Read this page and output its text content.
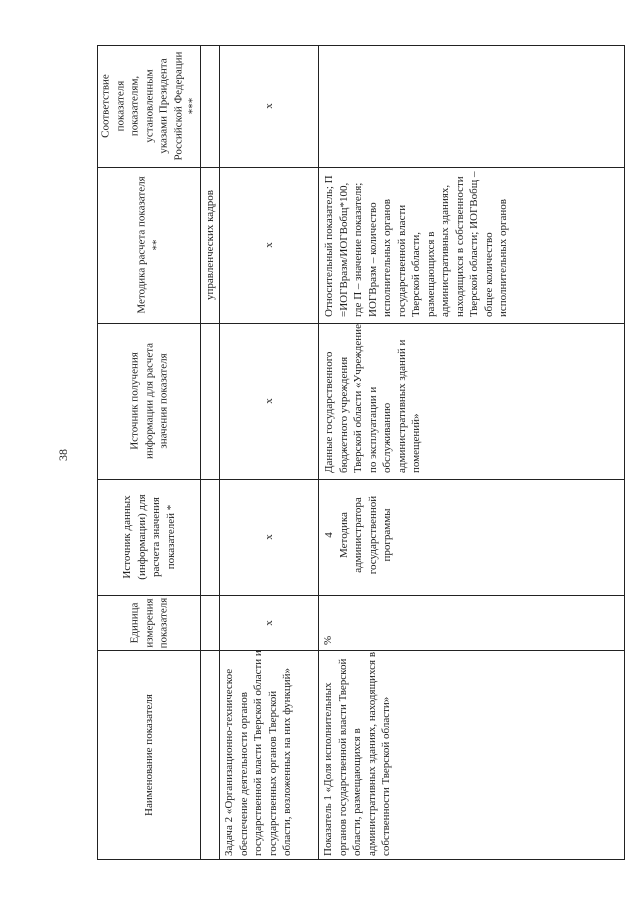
38
Соответствие показателя показателям, установленным указами Президента Российской Федерации ***
Методика расчета показателя **
Источник получения информации для расчета значения показателя
Источник данных (информации) для расчета значения показателей *
Единица измерения показателя
Наименование показателя
управленческих кадров
х
х
х
х
х
Задача 2 «Организационно-техническое обеспечение деятельности органов государственной власти Тверской области и государственных органов Тверской области, возложенных на них функций»
Относительный показатель; П =ИОГВразм/ИОГВобщ*100, где П – значение показателя; ИОГВразм – количество исполнительных органов государственной власти Тверской области, размещающихся в административных зданиях, находящихся в собственности Тверской области; ИОГВобщ – общее количество исполнительных органов
Данные государственного бюджетного учреждения Тверской области «Учреждение по эксплуатации и обслуживанию административных зданий и помещений»
4 Методика администратора государственной программы
%
Показатель 1 «Доля исполнительных органов государственной власти Тверской области, размещающихся в административных зданиях, находящихся в собственности Тверской области»
